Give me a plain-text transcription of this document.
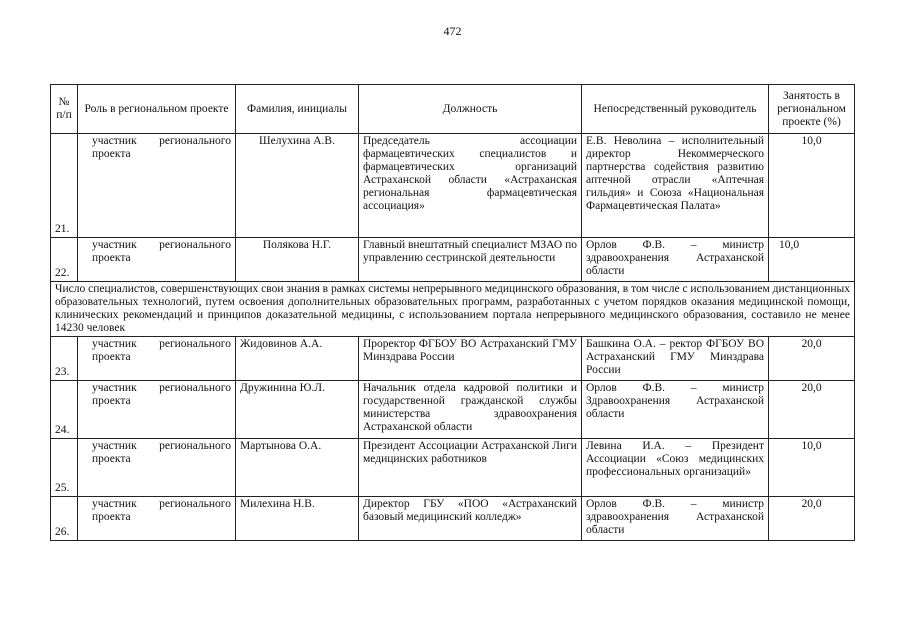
472
№ п/п	Роль в региональном проекте	Фамилия, инициалы	Должность	Непосредственный руководитель	Занятость в региональном проекте (%)
21.	участник регионального проекта	Шелухина А.В.	Председатель ассоциации фармацевтических специалистов и фармацевтических организаций Астраханской области «Астраханская региональная фармацевтическая ассоциация»	Е.В. Неволина – исполнительный директор Некоммерческого партнерства содействия развитию аптечной отрасли «Аптечная гильдия» и Союза «Национальная Фармацевтическая Палата»	10,0
22.	участник регионального проекта	Полякова Н.Г.	Главный внештатный специалист МЗАО по управлению сестринской деятельности	Орлов Ф.В. – министр здравоохранения Астраханской области	10,0
Число специалистов, совершенствующих свои знания в рамках системы непрерывного медицинского образования, в том числе с использованием дистанционных образовательных технологий, путем освоения дополнительных образовательных программ, разработанных с учетом порядков оказания медицинской помощи, клинических рекомендаций и принципов доказательной медицины, с использованием портала непрерывного медицинского образования, составило не менее 14230 человек					
23.	участник регионального проекта	Жидовинов А.А.	Проректор ФГБОУ ВО Астраханский ГМУ Минздрава России	Башкина О.А. – ректор ФГБОУ ВО Астраханский ГМУ Минздрава России	20,0
24.	участник регионального проекта	Дружинина Ю.Л.	Начальник отдела кадровой политики и государственной гражданской службы министерства здравоохранения Астраханской области	Орлов Ф.В. – министр Здравоохранения Астраханской области	20,0
25.	участник регионального проекта	Мартынова О.А.	Президент Ассоциации Астраханской Лиги медицинских работников	Левина И.А. – Президент Ассоциации «Союз медицинских профессиональных организаций»	10,0
26.	участник регионального проекта	Милехина Н.В.	Директор ГБУ «ПОО «Астраханский базовый медицинский колледж»	Орлов Ф.В. – министр здравоохранения Астраханской области	20,0
